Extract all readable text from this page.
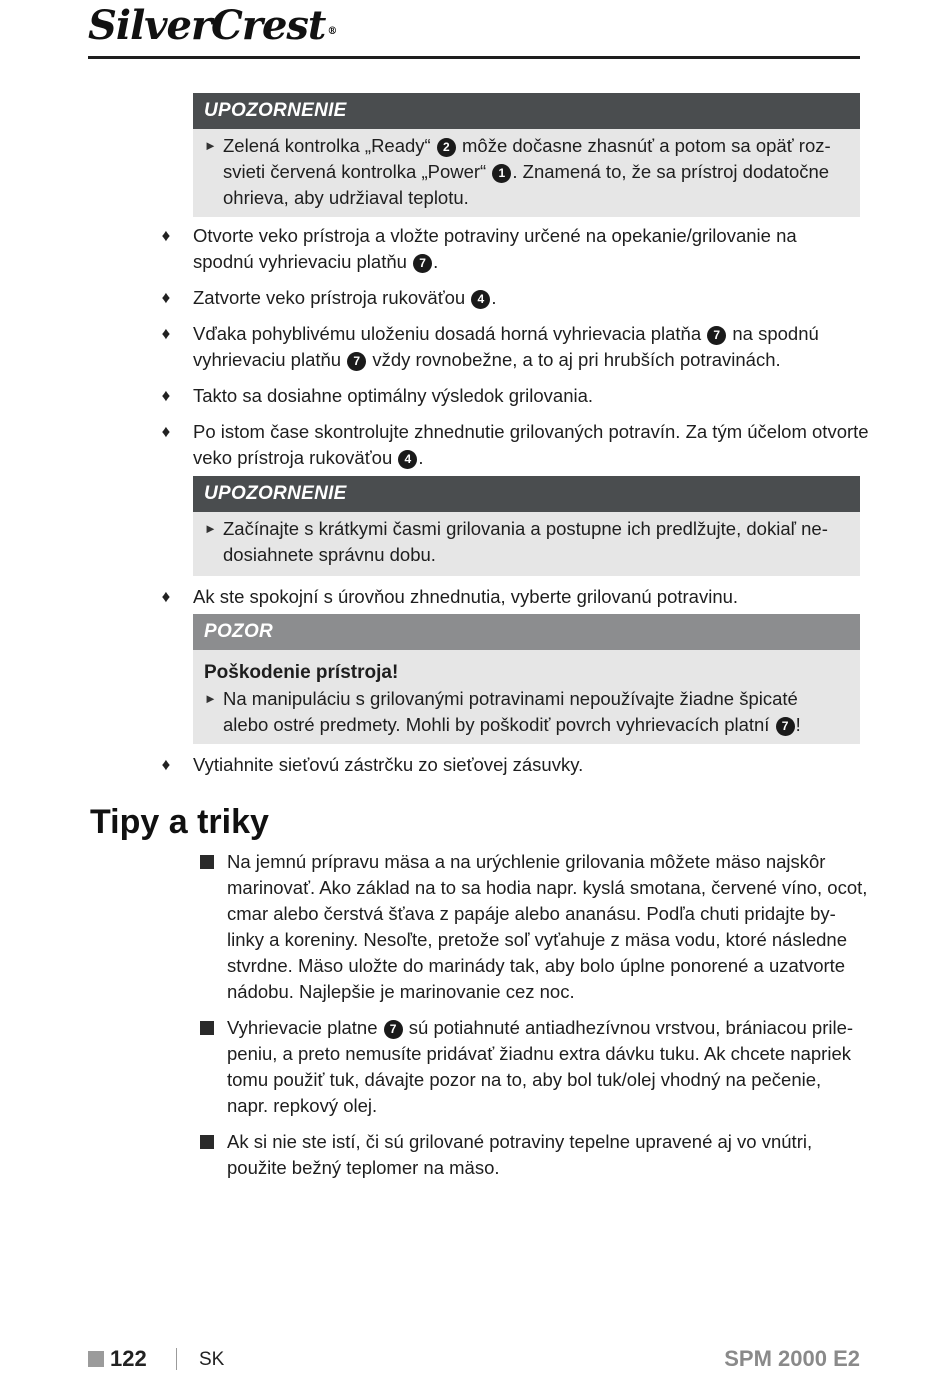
SilverCrest ®
UPOZORNENIE
► Zelená kontrolka „Ready“ 2 môže dočasne zhasnúť a potom sa opäť roz-
svieti červená kontrolka „Power“ 1 . Znamená to, že sa prístroj dodatočne
ohrieva, aby udržiaval teplotu.
♦ Otvorte veko prístroja a vložte potraviny určené na opekanie/grilovanie na
spodnú vyhrievaciu platňu 7 .
♦ Zatvorte veko prístroja rukoväťou 4 .
♦ Vďaka pohyblivému uloženiu dosadá horná vyhrievacia platňa 7 na spodnú
vyhrievaciu platňu 7 vždy rovnobežne, a to aj pri hrubších potravinách.
♦ Takto sa dosiahne optimálny výsledok grilovania.
♦ Po istom čase skontrolujte zhnednutie grilovaných potravín. Za tým účelom otvorte
veko prístroja rukoväťou 4 .
UPOZORNENIE
► Začínajte s krátkymi časmi grilovania a postupne ich predlžujte, dokiaľ ne-
dosiahnete správnu dobu.
♦ Ak ste spokojní s úrovňou zhnednutia, vyberte grilovanú potravinu.
POZOR
Poškodenie prístroja!
► Na manipuláciu s grilovanými potravinami nepoužívajte žiadne špicaté
alebo ostré predmety. Mohli by poškodiť povrch vyhrievacích platní 7 !
♦ Vytiahnite sieťovú zástrčku zo sieťovej zásuvky.
Tipy a triky
Na jemnú prípravu mäsa a na urýchlenie grilovania môžete mäso najskôr
marinovať. Ako základ na to sa hodia napr. kyslá smotana, červené víno, ocot,
cmar alebo čerstvá šťava z papáje alebo ananásu. Podľa chuti pridajte by-
linky a koreniny. Nesoľte, pretože soľ vyťahuje z mäsa vodu, ktoré následne
stvrdne. Mäso uložte do marinády tak, aby bolo úplne ponorené a uzatvorte
nádobu. Najlepšie je marinovanie cez noc.
Vyhrievacie platne 7 sú potiahnuté antiadhezívnou vrstvou, brániacou prile-
peniu, a preto nemusíte pridávať žiadnu extra dávku tuku. Ak chcete napriek
tomu použiť tuk, dávajte pozor na to, aby bol tuk/olej vhodný na pečenie,
napr. repkový olej.
Ak si nie ste istí, či sú grilované potraviny tepelne upravené aj vo vnútri,
použite bežný teplomer na mäso.
122	SK	SPM 2000 E2
